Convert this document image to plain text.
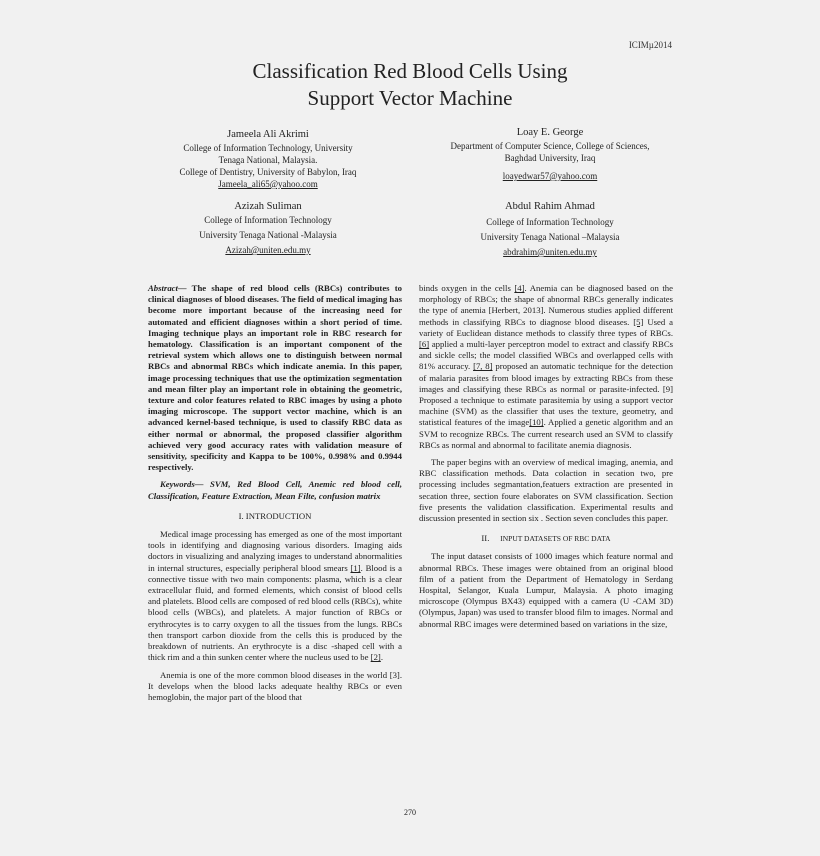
ICIMµ2014
Classification Red Blood Cells Using
Support Vector Machine
Jameela Ali Akrimi
College of Information Technology, University
Tenaga National, Malaysia.
College of Dentistry, University of Babylon, Iraq
Jameela_ali65@yahoo.com
Loay E. George
Department of Computer Science, College of Sciences,
Baghdad University, Iraq
loayedwar57@yahoo.com
Azizah Suliman
College of Information Technology
University Tenaga National -Malaysia
Azizah@uniten.edu.my
Abdul Rahim Ahmad
College of Information Technology
University Tenaga National –Malaysia
abdrahim@uniten.edu.my

Abstract— The shape of red blood cells (RBCs) contributes to clinical diagnoses of blood diseases. The field of medical imaging has become more important because of the increasing need for automated and efficient diagnoses within a short period of time. Imaging technique plays an important role in RBC research for hematology. Classification is an important component of the retrieval system which allows one to distinguish between normal RBCs and abnormal RBCs which indicate anemia. In this paper, image processing techniques that use the optimization segmentation and mean filter play an important role in obtaining the geometric, texture and color features related to RBC images by using a photo imaging microscope. The support vector machine, which is an advanced kernel-based technique, is used to classify RBC data as either normal or abnormal, the proposed classifier algorithm achieved very good accuracy rates with validation measure of sensitivity, specificity and Kappa to be 100%, 0.998% and 0.9944 respectively.

Keywords— SVM, Red Blood Cell, Anemic red blood cell, Classification, Feature Extraction, Mean Filte, confusion matrix

I. INTRODUCTION

Medical image processing has emerged as one of the most important tools in identifying and diagnosing various disorders. Imaging aids doctors in visualizing and analyzing images to understand abnormalities in internal structures, especially peripheral blood smears [1]. Blood is a connective tissue with two main components: plasma, which is a clear extracellular fluid, and formed elements, which consist of blood cells and platelets. Blood cells are composed of red blood cells (RBCs), white blood cells (WBCs), and platelets. A major function of RBCs or erythrocytes is to carry oxygen to all the tissues from the lungs. RBCs then transport carbon dioxide from the cells this is produced by the breakdown of nutrients. An erythrocyte is a disc -shaped cell with a thick rim and a thin sunken center where the nucleus used to be [2].

Anemia is one of the more common blood diseases in the world [3]. It develops when the blood lacks adequate healthy RBCs or even hemoglobin, the major part of the blood that

binds oxygen in the cells [4]. Anemia can be diagnosed based on the morphology of RBCs; the shape of abnormal RBCs generally indicates the type of anemia [Herbert, 2013]. Numerous studies applied different methods in classifying RBCs to diagnose blood diseases. [5] Used a variety of Euclidean distance methods to classify three types of RBCs. [6] applied a multi-layer perceptron model to extract and classify RBCs and sickle cells; the model classified WBCs and overlapped cells with 81% accuracy. [7, 8] proposed an automatic technique for the detection of malaria parasites from blood images by extracting RBCs from these images and classifying these RBCs as normal or parasite-infected. [9] Proposed a technique to estimate parasitemia by using a support vector machine (SVM) as the classifier that uses the texture, geometry, and statistical features of the image[10]. Applied a genetic algorithm and an SVM to recognize RBCs. The current research used an SVM to classify RBCs as normal and abnormal to facilitate anemia diagnosis.

The paper begins with an overview of medical imaging, anemia, and RBC classification methods. Data colaction in secation two, pre processing includes segmantation,featuers extraction are presented in secation three, section foure elaborates on SVM classification. Section five presents the validation classification. Experimental results and discussion presented in section six . Section seven concludes this paper.

II. INPUT DATASETS OF RBC DATA

The input dataset consists of 1000 images which feature normal and abnormal RBCs. These images were obtained from an original blood film of a patient from the Department of Hematology in Serdang Hospital, Selangor, Kuala Lumpur, Malaysia. A photo imaging microscope (Olympus BX43) equipped with a camera (U -CAM 3D) (Olympus, Japan) was used to transfer blood film to images. Normal and abnormal RBC images were determined based on variations in the size,

270
